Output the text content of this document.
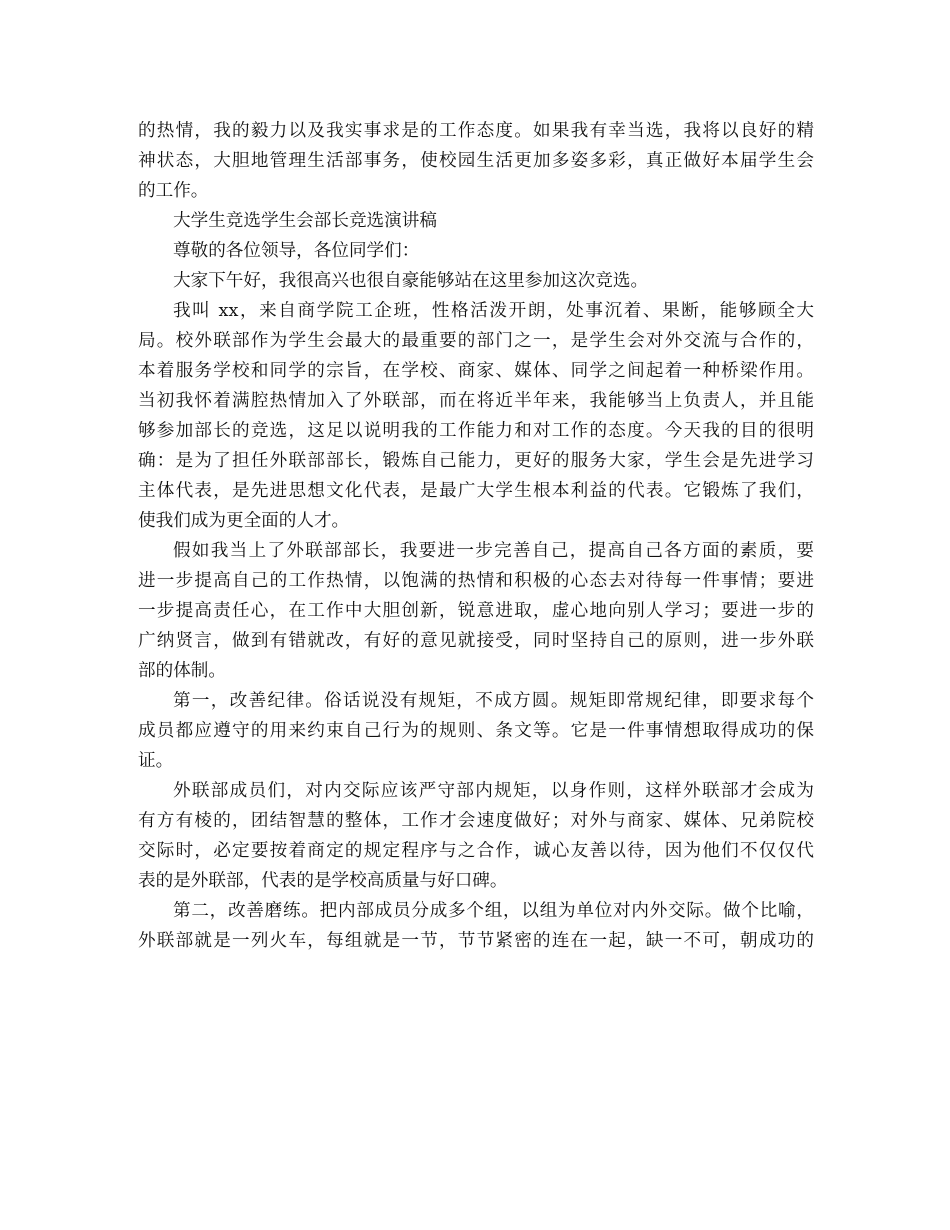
的热情，我的毅力以及我实事求是的工作态度。如果我有幸当选，我将以良好的精
神状态，大胆地管理生活部事务，使校园生活更加多姿多彩，真正做好本届学生会
的工作。
大学生竞选学生会部长竞选演讲稿
尊敬的各位领导，各位同学们：
大家下午好，我很高兴也很自豪能够站在这里参加这次竞选。
我叫 xx，来自商学院工企班，性格活泼开朗，处事沉着、果断，能够顾全大
局。校外联部作为学生会最大的最重要的部门之一，是学生会对外交流与合作的，
本着服务学校和同学的宗旨，在学校、商家、媒体、同学之间起着一种桥梁作用。
当初我怀着满腔热情加入了外联部，而在将近半年来，我能够当上负责人，并且能
够参加部长的竞选，这足以说明我的工作能力和对工作的态度。今天我的目的很明
确：是为了担任外联部部长，锻炼自己能力，更好的服务大家，学生会是先进学习
主体代表，是先进思想文化代表，是最广大学生根本利益的代表。它锻炼了我们，
使我们成为更全面的人才。
假如我当上了外联部部长，我要进一步完善自己，提高自己各方面的素质，要
进一步提高自己的工作热情，以饱满的热情和积极的心态去对待每一件事情；要进
一步提高责任心，在工作中大胆创新，锐意进取，虚心地向别人学习；要进一步的
广纳贤言，做到有错就改，有好的意见就接受，同时坚持自己的原则，进一步外联
部的体制。
第一，改善纪律。俗话说没有规矩，不成方圆。规矩即常规纪律，即要求每个
成员都应遵守的用来约束自己行为的规则、条文等。它是一件事情想取得成功的保
证。
外联部成员们，对内交际应该严守部内规矩，以身作则，这样外联部才会成为
有方有棱的，团结智慧的整体，工作才会速度做好；对外与商家、媒体、兄弟院校
交际时，必定要按着商定的规定程序与之合作，诚心友善以待，因为他们不仅仅代
表的是外联部，代表的是学校高质量与好口碑。
第二，改善磨练。把内部成员分成多个组，以组为单位对内外交际。做个比喻，
外联部就是一列火车，每组就是一节，节节紧密的连在一起，缺一不可，朝成功的
